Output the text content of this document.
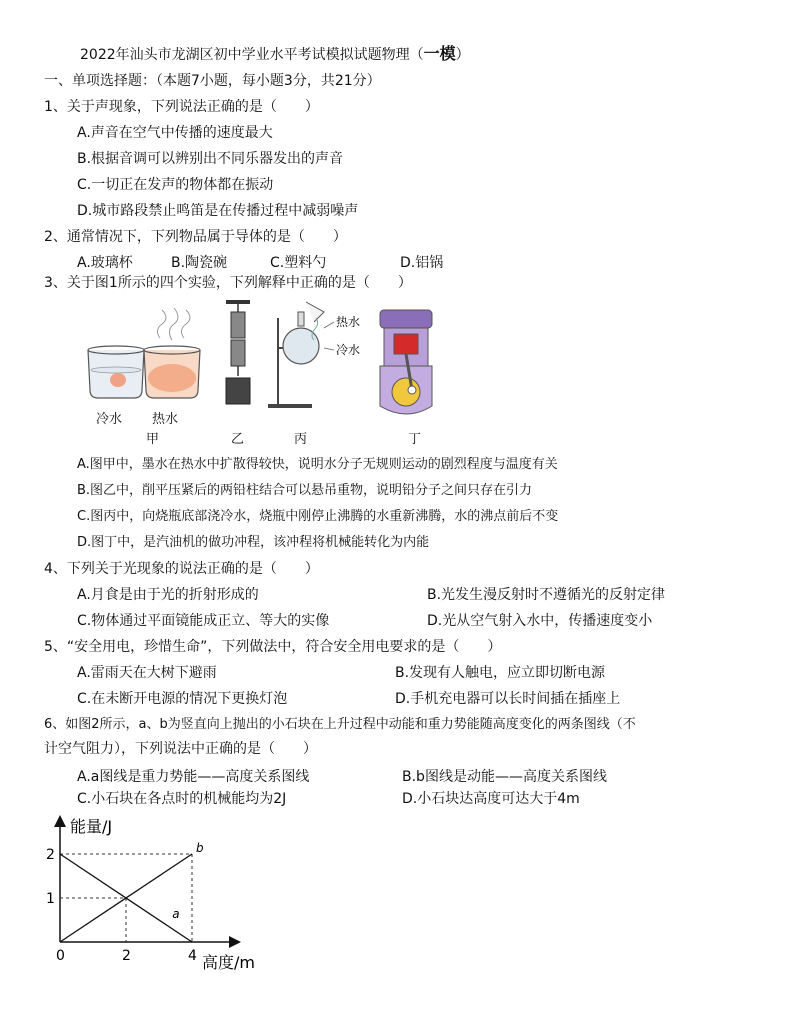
2022年汕头市龙湖区初中学业水平考试模拟试题物理（一模）
一、单项选择题：（本题7小题，每小题3分，共21分）
1、关于声现象，下列说法正确的是（　　）
A.声音在空气中传播的速度最大
B.根据音调可以辨别出不同乐器发出的声音
C.一切正在发声的物体都在振动
D.城市路段禁止鸣笛是在传播过程中减弱噪声
2、通常情况下，下列物品属于导体的是（　　）
A.玻璃杯	B.陶瓷碗	C.塑料勺	D.铝锅
3、关于图1所示的四个实验，下列解释中正确的是（　　）
热水
冷水
冷水 热水
甲	乙	丙	丁
A.图甲中，墨水在热水中扩散得较快，说明水分子无规则运动的剧烈程度与温度有关
B.图乙中，削平压紧后的两铅柱结合可以悬吊重物，说明铅分子之间只存在引力
C.图丙中，向烧瓶底部浇冷水，烧瓶中刚停止沸腾的水重新沸腾，水的沸点前后不变
D.图丁中，是汽油机的做功冲程，该冲程将机械能转化为内能
4、下列关于光现象的说法正确的是（　　）
A.月食是由于光的折射形成的	B.光发生漫反射时不遵循光的反射定律
C.物体通过平面镜能成正立、等大的实像	D.光从空气射入水中，传播速度变小
5、“安全用电，珍惜生命”，下列做法中，符合安全用电要求的是（　　）
A.雷雨天在大树下避雨	B.发现有人触电，应立即切断电源
C.在未断开电源的情况下更换灯泡	D.手机充电器可以长时间插在插座上
6、如图2所示，a、b为竖直向上抛出的小石块在上升过程中动能和重力势能随高度变化的两条图线（不
计空气阻力），下列说法中正确的是（　　）
A.a图线是重力势能——高度关系图线	B.b图线是动能——高度关系图线
C.小石块在各点时的机械能均为2J	D.小石块达高度可达大于4m
能量/J
高度/m
b
a
0	2	4
1
2
